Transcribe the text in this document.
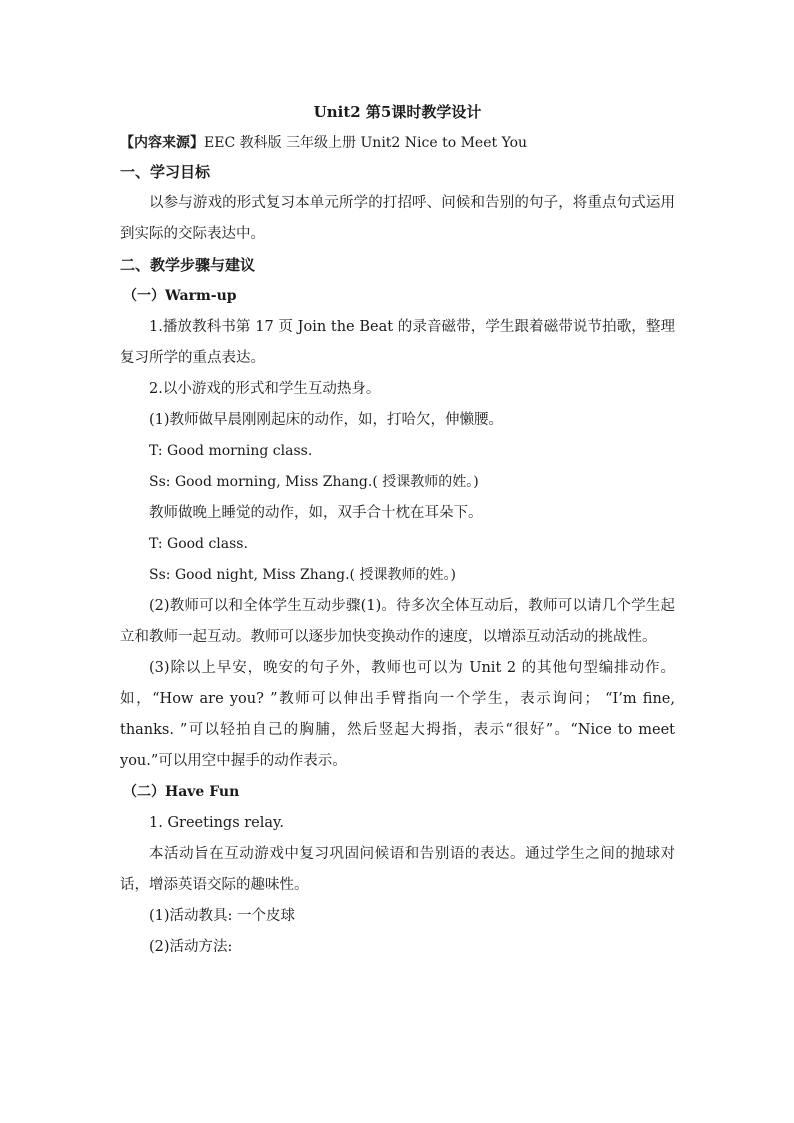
Unit2 第5课时教学设计

【内容来源】EEC 教科版 三年级上册 Unit2 Nice to Meet You

一、学习目标

以参与游戏的形式复习本单元所学的打招呼、问候和告别的句子，将重点句式运用到实际的交际表达中。

二、教学步骤与建议

（一）Warm-up

1.播放教科书第 17 页 Join the Beat 的录音磁带，学生跟着磁带说节拍歌，整理复习所学的重点表达。

2.以小游戏的形式和学生互动热身。

(1)教师做早晨刚刚起床的动作，如，打哈欠，伸懒腰。

T: Good morning class.

Ss: Good morning, Miss Zhang.( 授课教师的姓。)

教师做晚上睡觉的动作，如，双手合十枕在耳朵下。

T: Good class.

Ss: Good night, Miss Zhang.( 授课教师的姓。)

(2)教师可以和全体学生互动步骤(1)。待多次全体互动后，教师可以请几个学生起立和教师一起互动。教师可以逐步加快变换动作的速度，以增添互动活动的挑战性。

(3)除以上早安，晚安的句子外，教师也可以为 Unit 2 的其他句型编排动作。如，“How are you? ”教师可以伸出手臂指向一个学生，表示询问； “I’m fine, thanks. ”可以轻拍自己的胸脯，然后竖起大拇指，表示“很好”。“Nice to meet you.”可以用空中握手的动作表示。

（二）Have Fun

1. Greetings relay.

本活动旨在互动游戏中复习巩固问候语和告别语的表达。通过学生之间的抛球对话，增添英语交际的趣味性。

(1)活动教具: 一个皮球

(2)活动方法:
